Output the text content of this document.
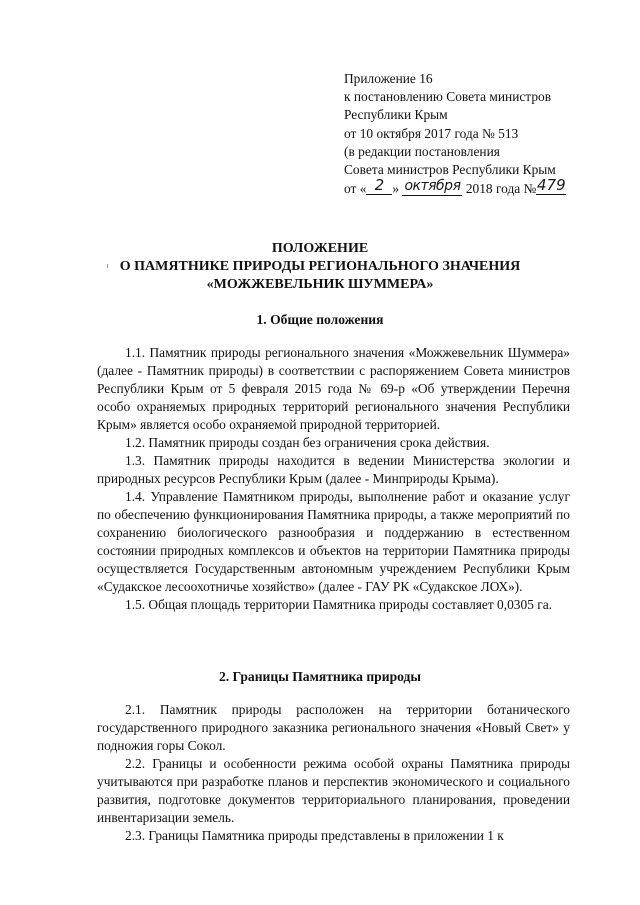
Приложение 16
к постановлению Совета министров
Республики Крым
от 10 октября 2017 года № 513
(в редакции постановления
Совета министров Республики Крым
от « 2 » октября 2018 года №479
ПОЛОЖЕНИЕ
О ПАМЯТНИКЕ ПРИРОДЫ РЕГИОНАЛЬНОГО ЗНАЧЕНИЯ
«МОЖЖЕВЕЛЬНИК ШУММЕРА»
1. Общие положения

1.1. Памятник природы регионального значения «Можжевельник Шуммера» (далее - Памятник природы) в соответствии с распоряжением Совета министров Республики Крым от 5 февраля 2015 года № 69-р «Об утверждении Перечня особо охраняемых природных территорий регионального значения Республики Крым» является особо охраняемой природной территорией.

1.2. Памятник природы создан без ограничения срока действия.

1.3. Памятник природы находится в ведении Министерства экологии и природных ресурсов Республики Крым (далее - Минприроды Крыма).

1.4. Управление Памятником природы, выполнение работ и оказание услуг по обеспечению функционирования Памятника природы, а также мероприятий по сохранению биологического разнообразия и поддержанию в естественном состоянии природных комплексов и объектов на территории Памятника природы осуществляется Государственным автономным учреждением Республики Крым «Судакское лесоохотничье хозяйство» (далее - ГАУ РК «Судакское ЛОХ»).

1.5. Общая площадь территории Памятника природы составляет 0,0305 га.

2. Границы Памятника природы

2.1. Памятник природы расположен на территории ботанического государственного природного заказника регионального значения «Новый Свет» у подножия горы Сокол.

2.2. Границы и особенности режима особой охраны Памятника природы учитываются при разработке планов и перспектив экономического и социального развития, подготовке документов территориального планирования, проведении инвентаризации земель.

2.3. Границы Памятника природы представлены в приложении 1 к
